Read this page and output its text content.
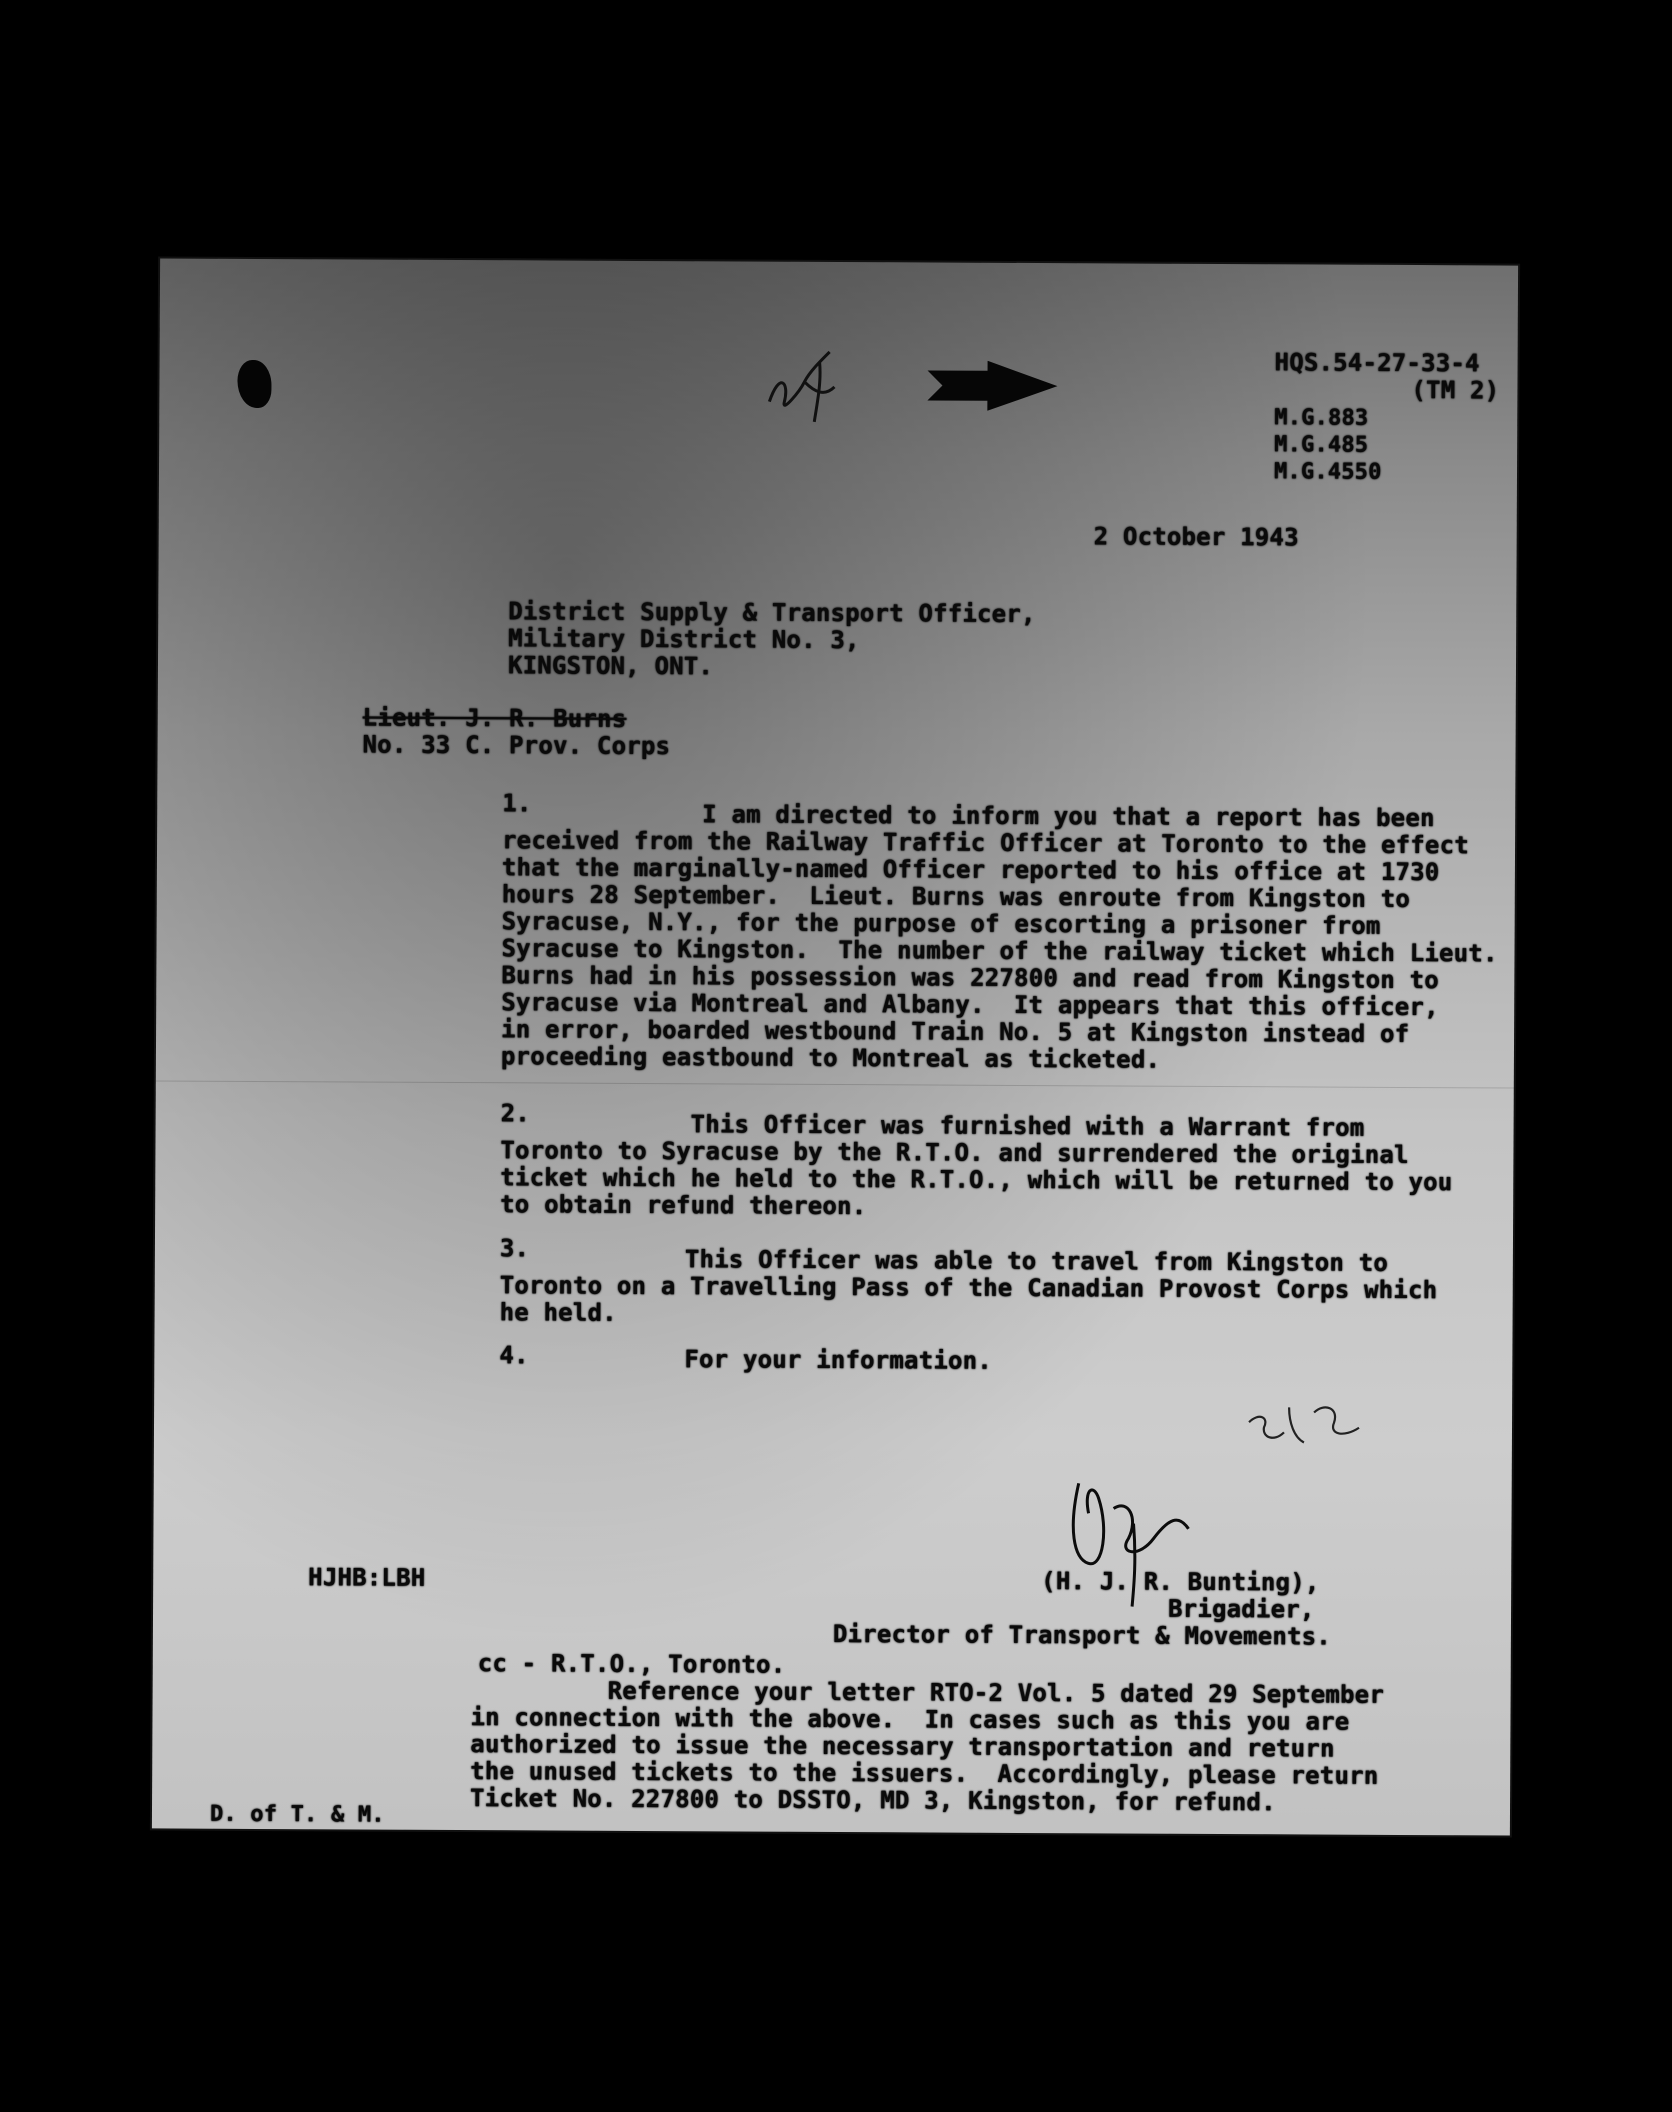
HQS.54-27-33-4
(TM 2)
M.G.883
M.G.485
M.G.4550
2 October 1943
District Supply & Transport Officer,
Military District No. 3,
KINGSTON, ONT.
Lieut. J. R. Burns
No. 33 C. Prov. Corps
1.	I am directed to inform you that a report has been
received from the Railway Traffic Officer at Toronto to the effect
that the marginally-named Officer reported to his office at 1730
hours 28 September.  Lieut. Burns was enroute from Kingston to
Syracuse, N.Y., for the purpose of escorting a prisoner from
Syracuse to Kingston.  The number of the railway ticket which Lieut.
Burns had in his possession was 227800 and read from Kingston to
Syracuse via Montreal and Albany.  It appears that this officer,
in error, boarded westbound Train No. 5 at Kingston instead of
proceeding eastbound to Montreal as ticketed.
2.	This Officer was furnished with a Warrant from
Toronto to Syracuse by the R.T.O. and surrendered the original
ticket which he held to the R.T.O., which will be returned to you
to obtain refund thereon.
3.	This Officer was able to travel from Kingston to
Toronto on a Travelling Pass of the Canadian Provost Corps which
he held.
4.	For your information.
HJHB:LBH	(H. J. R. Bunting),
Brigadier,
Director of Transport & Movements.
cc - R.T.O., Toronto.
Reference your letter RTO-2 Vol. 5 dated 29 September
in connection with the above.  In cases such as this you are
authorized to issue the necessary transportation and return
the unused tickets to the issuers.  Accordingly, please return
Ticket No. 227800 to DSSTO, MD 3, Kingston, for refund.
D. of T. & M.
